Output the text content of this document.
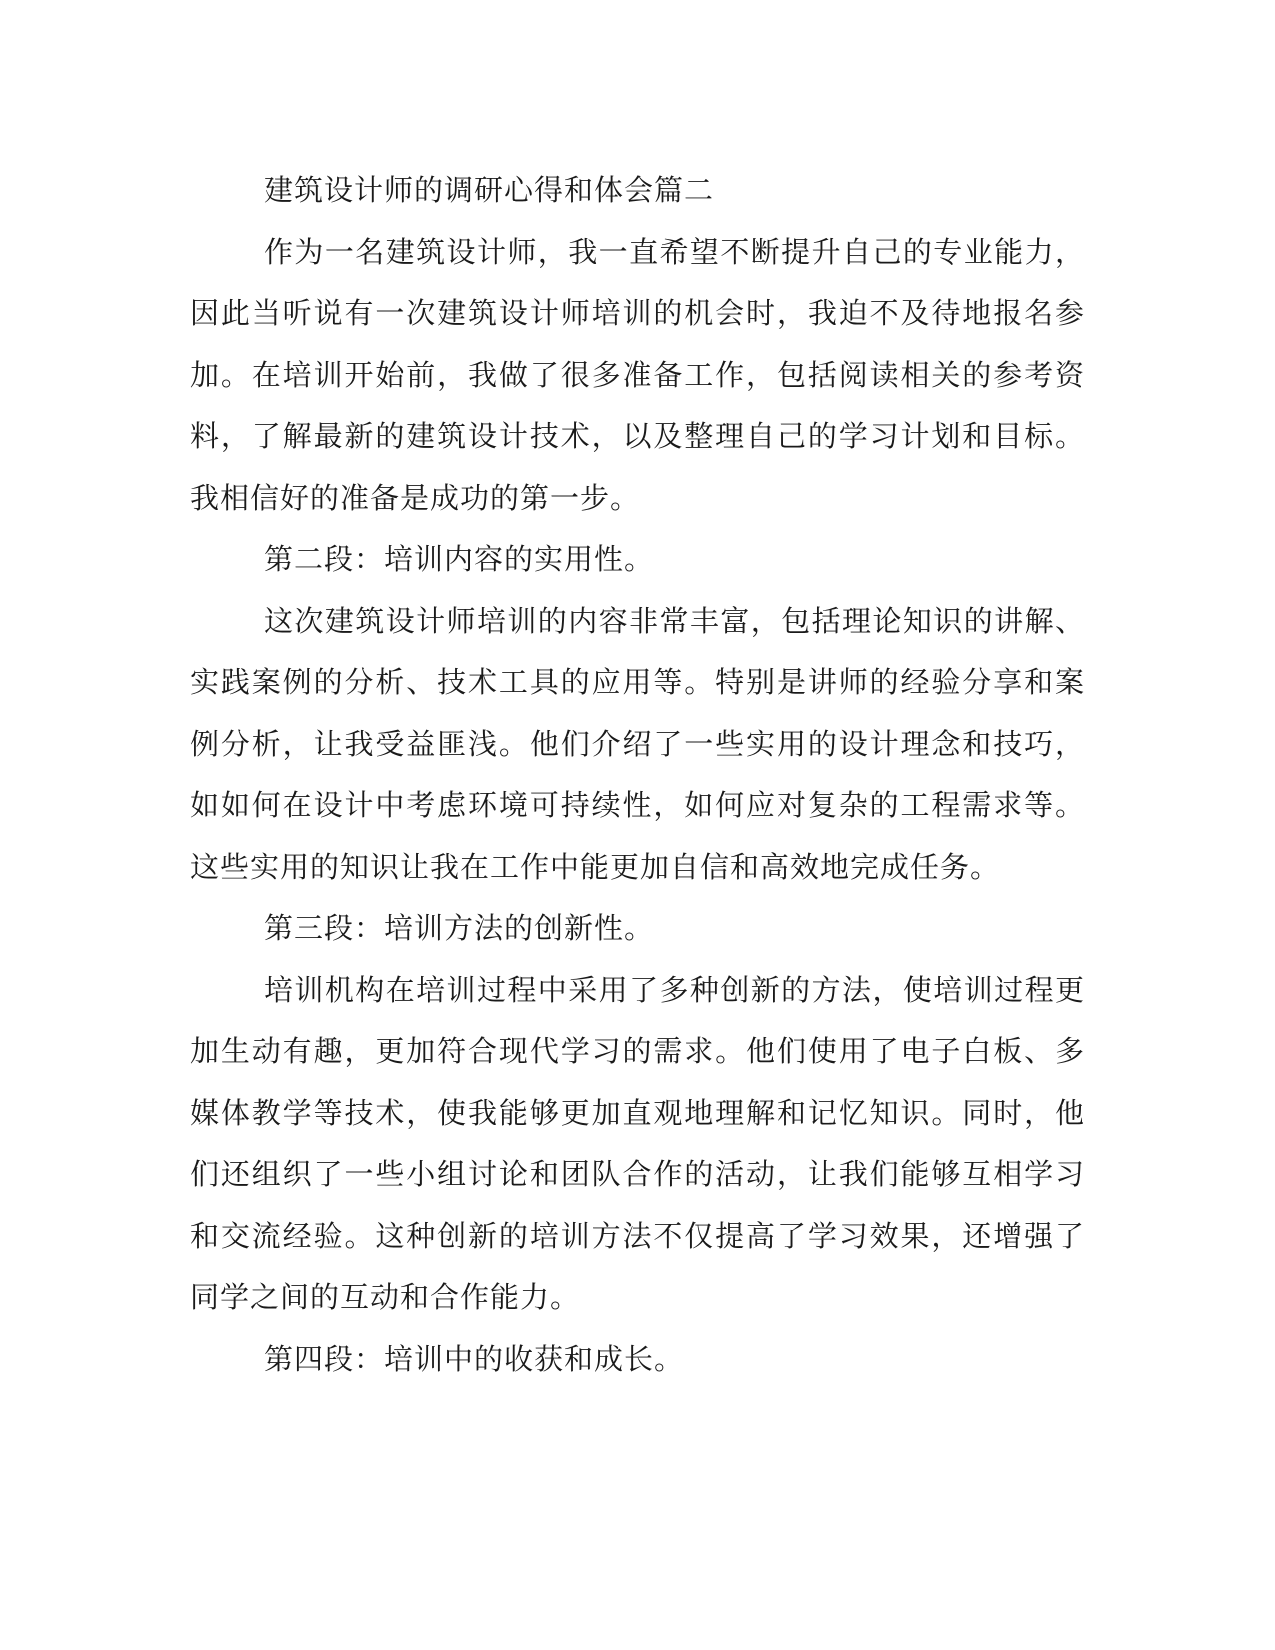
建筑设计师的调研心得和体会篇二

作为一名建筑设计师，我一直希望不断提升自己的专业能力，因此当听说有一次建筑设计师培训的机会时，我迫不及待地报名参加。在培训开始前，我做了很多准备工作，包括阅读相关的参考资料，了解最新的建筑设计技术，以及整理自己的学习计划和目标。我相信好的准备是成功的第一步。

第二段：培训内容的实用性。

这次建筑设计师培训的内容非常丰富，包括理论知识的讲解、实践案例的分析、技术工具的应用等。特别是讲师的经验分享和案例分析，让我受益匪浅。他们介绍了一些实用的设计理念和技巧，如如何在设计中考虑环境可持续性，如何应对复杂的工程需求等。这些实用的知识让我在工作中能更加自信和高效地完成任务。

第三段：培训方法的创新性。

培训机构在培训过程中采用了多种创新的方法，使培训过程更加生动有趣，更加符合现代学习的需求。他们使用了电子白板、多媒体教学等技术，使我能够更加直观地理解和记忆知识。同时，他们还组织了一些小组讨论和团队合作的活动，让我们能够互相学习和交流经验。这种创新的培训方法不仅提高了学习效果，还增强了同学之间的互动和合作能力。

第四段：培训中的收获和成长。
